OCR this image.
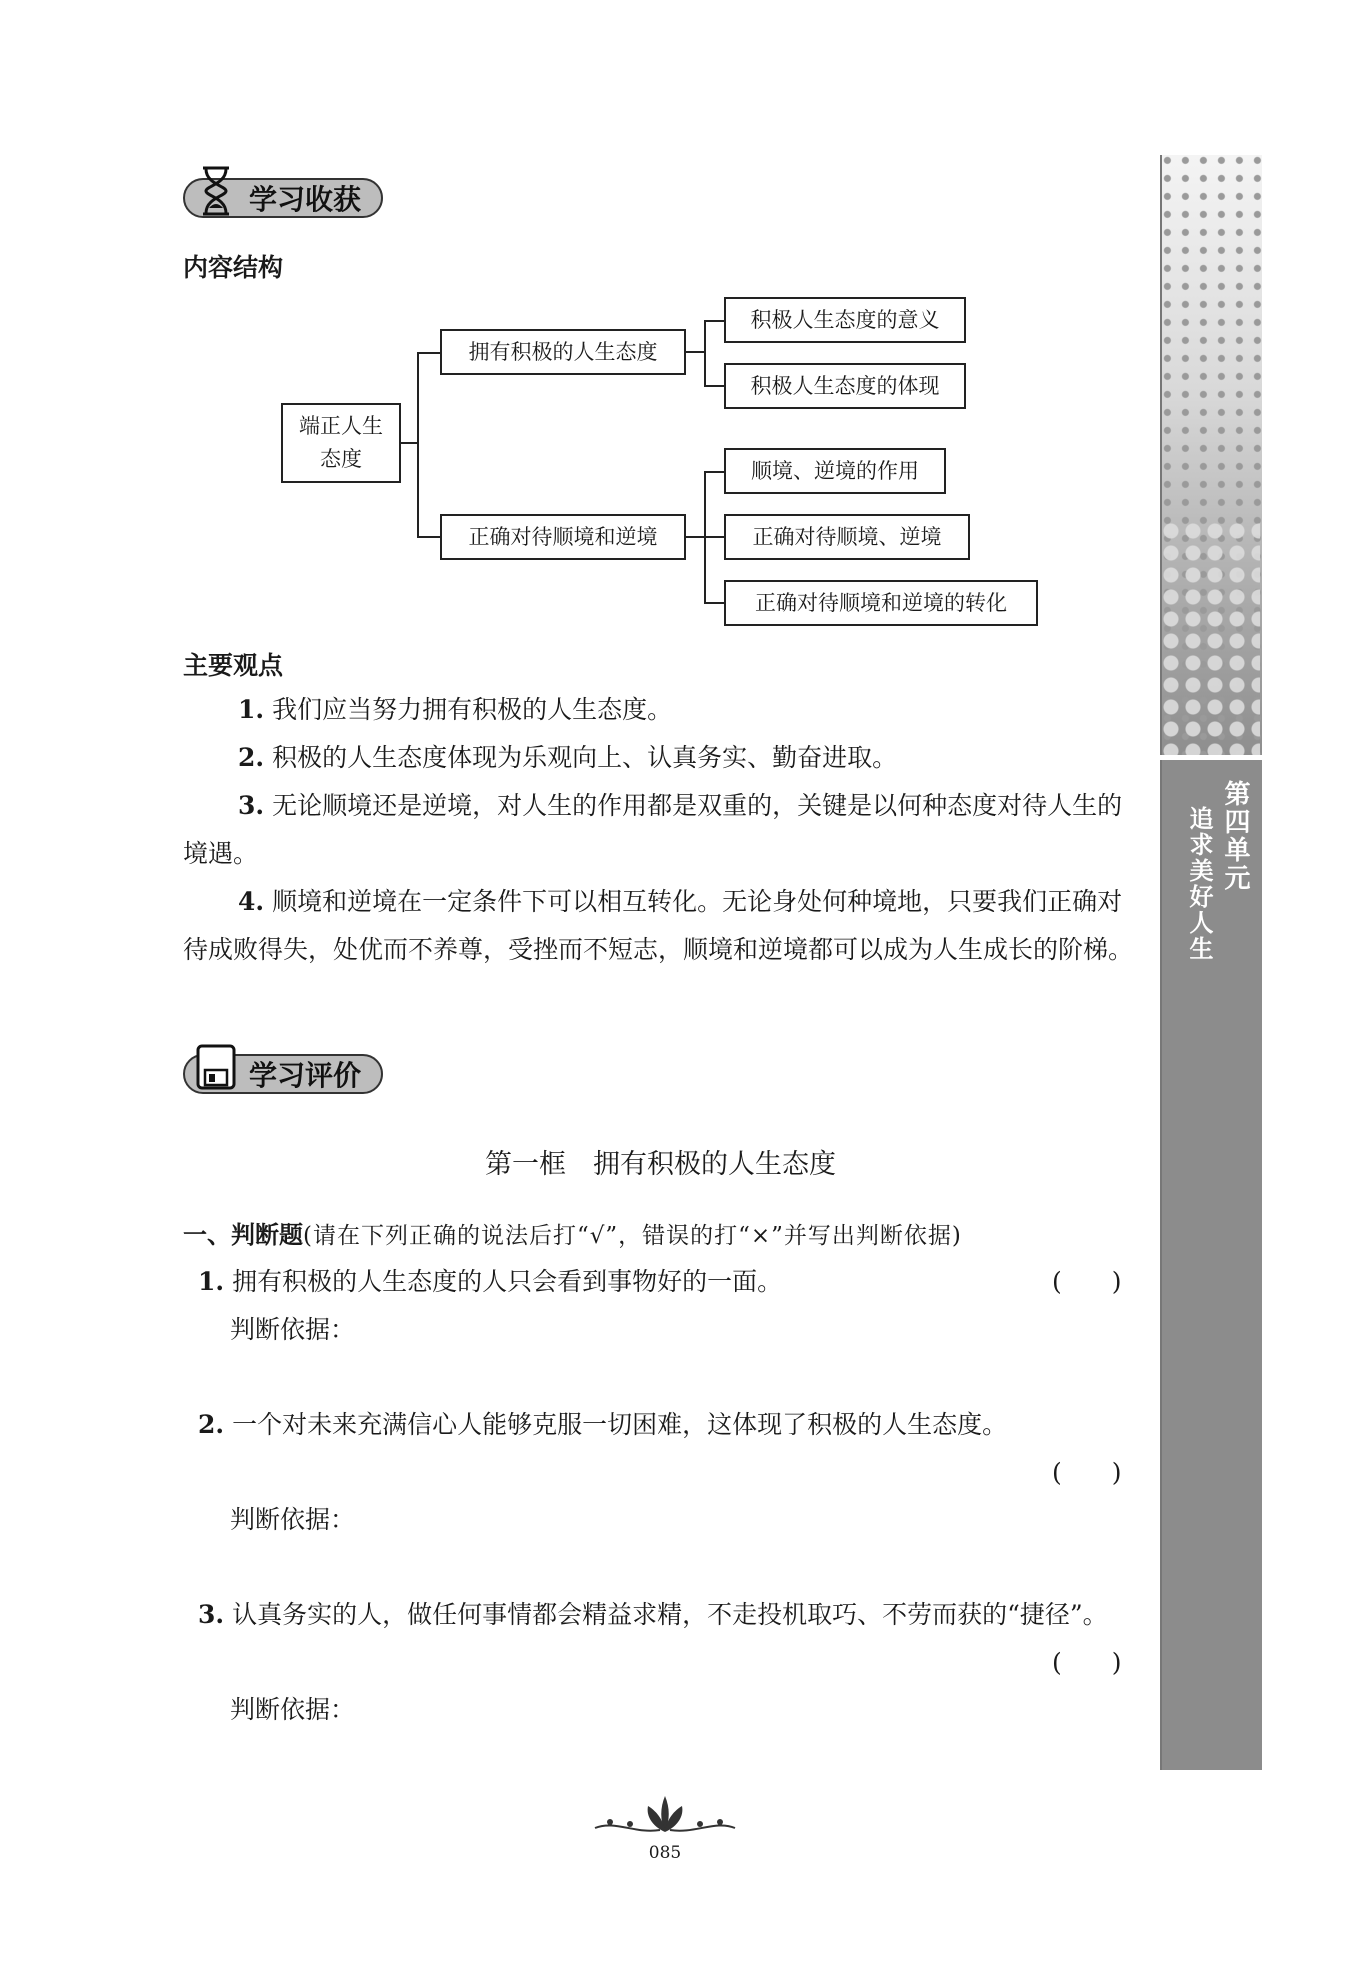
第四单元
追求美好人生
学习收获
内容结构
端正人生态度
拥有积极的人生态度
正确对待顺境和逆境
积极人生态度的意义
积极人生态度的体现
顺境、逆境的作用
正确对待顺境、逆境
正确对待顺境和逆境的转化
主要观点
1. 我们应当努力拥有积极的人生态度。
2. 积极的人生态度体现为乐观向上、认真务实、勤奋进取。
3. 无论顺境还是逆境，对人生的作用都是双重的，关键是以何种态度对待人生的境遇。
4. 顺境和逆境在一定条件下可以相互转化。无论身处何种境地，只要我们正确对待成败得失，处优而不养尊，受挫而不短志，顺境和逆境都可以成为人生成长的阶梯。
学习评价
第一框　拥有积极的人生态度
一、判断题(请在下列正确的说法后打“√”，错误的打“×”并写出判断依据)
1. 拥有积极的人生态度的人只会看到事物好的一面。	(　　)
判断依据：
2. 一个对未来充满信心人能够克服一切困难，这体现了积极的人生态度。
(　　)
判断依据：
3. 认真务实的人，做任何事情都会精益求精，不走投机取巧、不劳而获的“捷径”。
(　　)
判断依据：
085
